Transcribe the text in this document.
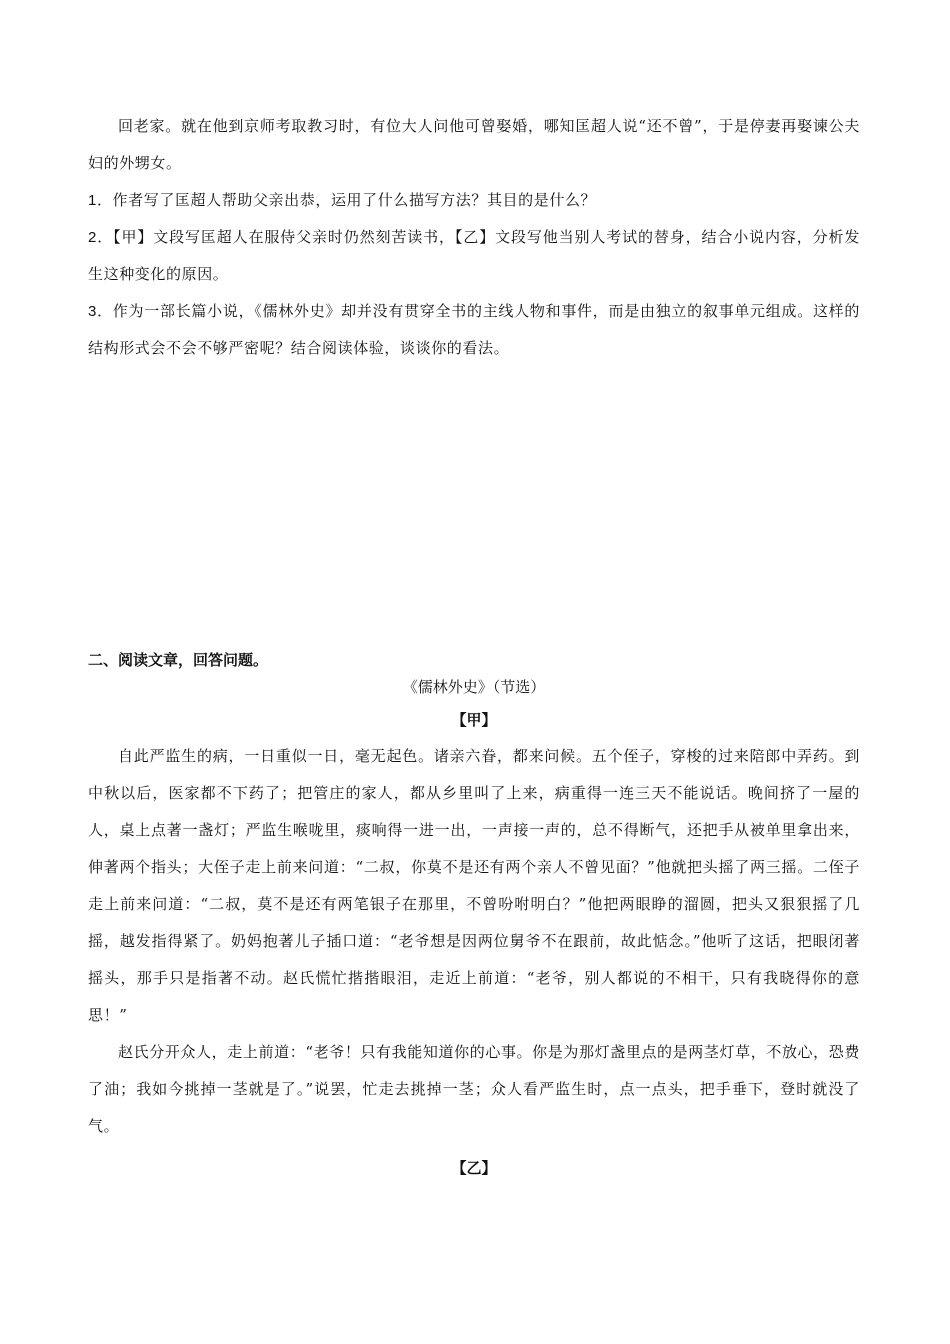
回老家。就在他到京师考取教习时，有位大人问他可曾娶婚，哪知匡超人说“还不曾”，于是停妻再娶谏公夫妇的外甥女。

1．作者写了匡超人帮助父亲出恭，运用了什么描写方法？其目的是什么？
2．【甲】文段写匡超人在服侍父亲时仍然刻苦读书，【乙】文段写他当别人考试的替身，结合小说内容，分析发生这种变化的原因。
3．作为一部长篇小说，《儒林外史》却并没有贯穿全书的主线人物和事件，而是由独立的叙事单元组成。这样的结构形式会不会不够严密呢？结合阅读体验，谈谈你的看法。
二、阅读文章，回答问题。
《儒林外史》（节选）
【甲】

自此严监生的病，一日重似一日，毫无起色。诸亲六眷，都来问候。五个侄子，穿梭的过来陪郎中弄药。到中秋以后，医家都不下药了；把管庄的家人，都从乡里叫了上来，病重得一连三天不能说话。晚间挤了一屋的人，桌上点著一盏灯；严监生喉咙里，痰响得一进一出，一声接一声的，总不得断气，还把手从被单里拿出来，伸著两个指头；大侄子走上前来问道：“二叔，你莫不是还有两个亲人不曾见面？”他就把头摇了两三摇。二侄子走上前来问道：“二叔，莫不是还有两笔银子在那里，不曾吩咐明白？”他把两眼睁的溜圆，把头又狠狠摇了几摇，越发指得紧了。奶妈抱著儿子插口道：“老爷想是因两位舅爷不在跟前，故此惦念。”他听了这话，把眼闭著摇头，那手只是指著不动。赵氏慌忙揩揩眼泪，走近上前道：“老爷，别人都说的不相干，只有我晓得你的意思！”

赵氏分开众人，走上前道：“老爷！只有我能知道你的心事。你是为那灯盏里点的是两茎灯草，不放心，恐费了油；我如今挑掉一茎就是了。”说罢，忙走去挑掉一茎；众人看严监生时，点一点头，把手垂下，登时就没了气。

【乙】
